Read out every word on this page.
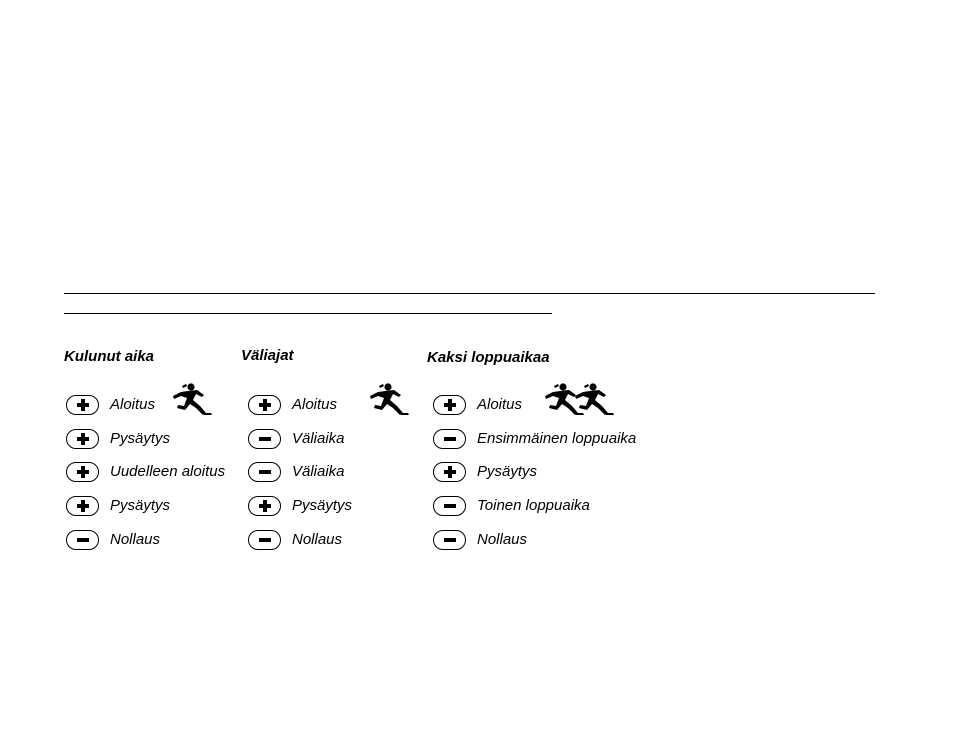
Kulunut aika
Aloitus
Pysäytys
Uudelleen aloitus
Pysäytys
Nollaus
Väliajat
Aloitus
Väliaika
Väliaika
Pysäytys
Nollaus
Kaksi loppuaikaa
Aloitus
Ensimmäinen loppuaika
Pysäytys
Toinen loppuaika
Nollaus
